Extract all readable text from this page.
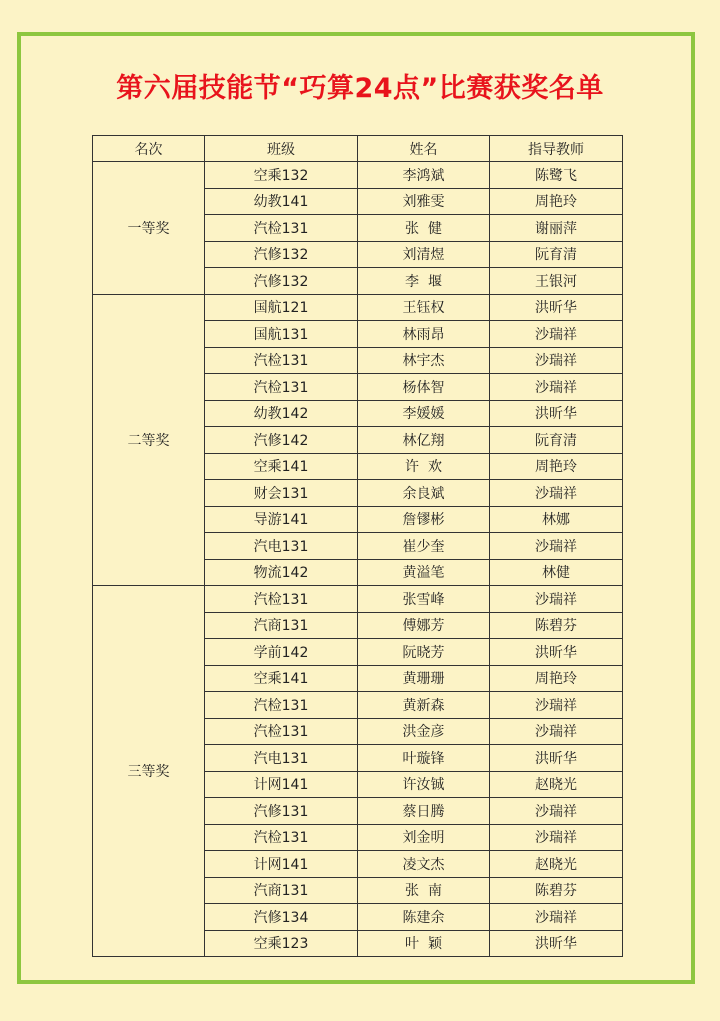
第六届技能节“巧算24点”比赛获奖名单
名次	班级	姓名	指导教师
一等奖	空乘132	李鸿斌	陈鹭飞
	幼教141	刘雅雯	周艳玲
	汽检131	张  健	谢丽萍
	汽修132	刘清煜	阮育清
	汽修132	李  堰	王银河
二等奖	国航121	王钰权	洪昕华
	国航131	林雨昂	沙瑞祥
	汽检131	林宇杰	沙瑞祥
	汽检131	杨体智	沙瑞祥
	幼教142	李媛媛	洪昕华
	汽修142	林亿翔	阮育清
	空乘141	许  欢	周艳玲
	财会131	余良斌	沙瑞祥
	导游141	詹镠彬	林娜
	汽电131	崔少奎	沙瑞祥
	物流142	黄溢笔	林健
三等奖	汽检131	张雪峰	沙瑞祥
	汽商131	傅娜芳	陈碧芬
	学前142	阮晓芳	洪昕华
	空乘141	黄珊珊	周艳玲
	汽检131	黄新森	沙瑞祥
	汽检131	洪金彦	沙瑞祥
	汽电131	叶璇锋	洪昕华
	计网141	许汝铖	赵晓光
	汽修131	蔡日腾	沙瑞祥
	汽检131	刘金明	沙瑞祥
	计网141	凌文杰	赵晓光
	汽商131	张  南	陈碧芬
	汽修134	陈建余	沙瑞祥
	空乘123	叶  颖	洪昕华
